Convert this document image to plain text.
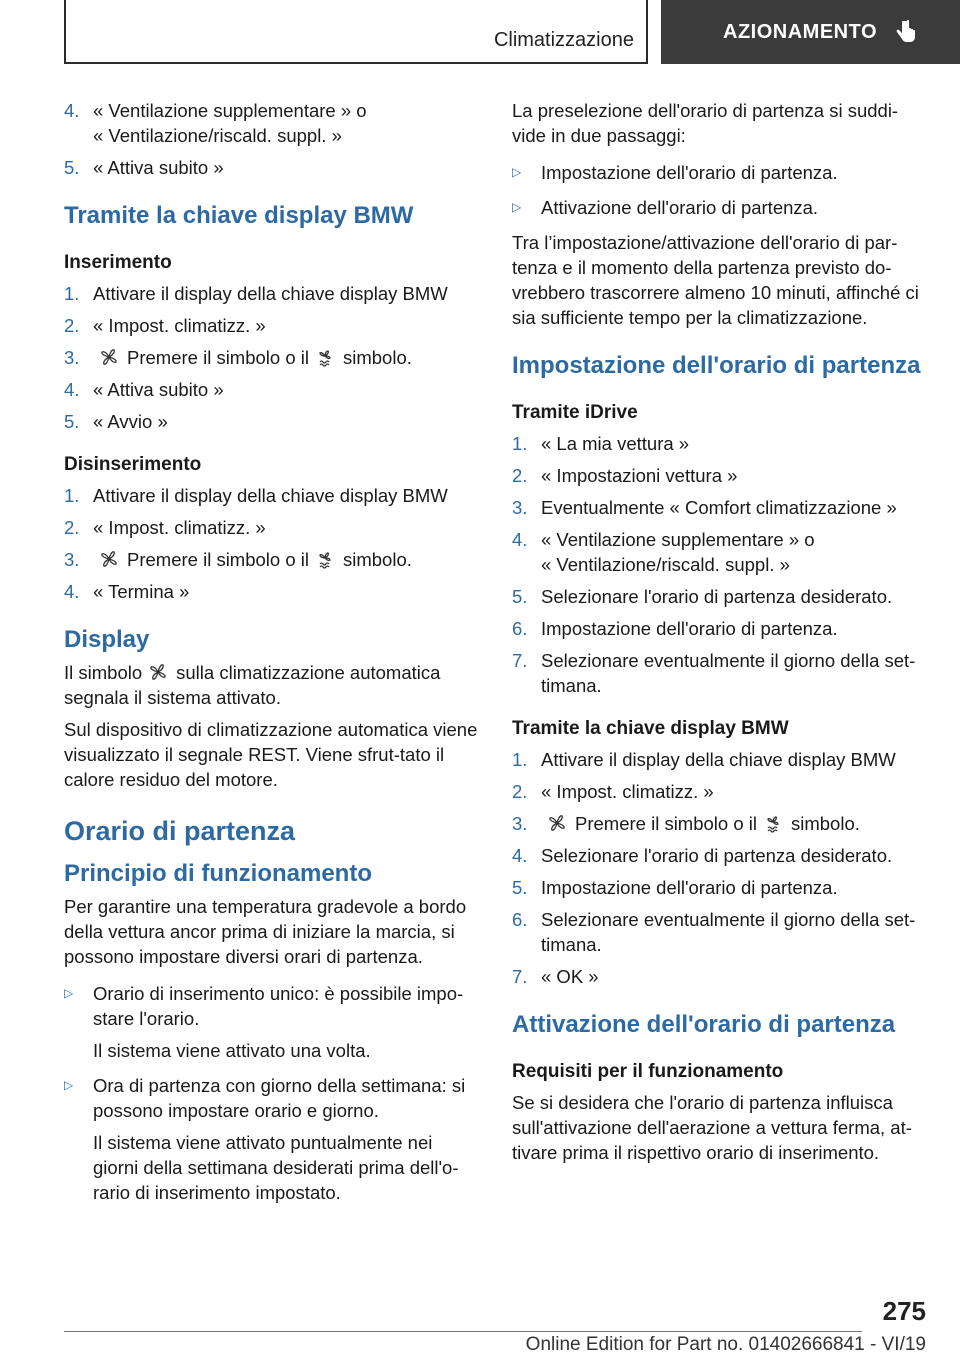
Climatizzazione	AZIONAMENTO
4. « Ventilazione supplementare » o
« Ventilazione/riscald. suppl. »
5. « Attiva subito »
Tramite la chiave display BMW
Inserimento
1. Attivare il display della chiave display BMW
2. « Impost. climatizz. »
3.	Premere il simbolo o il simbolo.
4. « Attiva subito »
5. « Avvio »
Disinserimento
1. Attivare il display della chiave display BMW
2. « Impost. climatizz. »
3.	Premere il simbolo o il simbolo.
4. « Termina »
Display

Il simbolo sulla climatizzazione automatica segnala il sistema attivato.

Sul dispositivo di climatizzazione automatica viene visualizzato il segnale REST. Viene sfrut-tato il calore residuo del motore.

Orario di partenza
Principio di funzionamento

Per garantire una temperatura gradevole a bordo della vettura ancor prima di iniziare la marcia, si possono impostare diversi orari di partenza.

▷	Orario di inserimento unico: è possibile impo-stare l'orario.
Il sistema viene attivato una volta.
▷	Ora di partenza con giorno della settimana: si possono impostare orario e giorno.
Il sistema viene attivato puntualmente nei giorni della settimana desiderati prima dell'o-rario di inserimento impostato.

La preselezione dell'orario di partenza si suddi-vide in due passaggi:

▷	Impostazione dell'orario di partenza.
▷	Attivazione dell'orario di partenza.

Tra l’impostazione/attivazione dell'orario di par-tenza e il momento della partenza previsto do-vrebbero trascorrere almeno 10 minuti, affinché ci sia sufficiente tempo per la climatizzazione.

Impostazione dell'orario di partenza
Tramite iDrive
1. « La mia vettura »
2. « Impostazioni vettura »
3. Eventualmente « Comfort climatizzazione »
4. « Ventilazione supplementare » o
« Ventilazione/riscald. suppl. »
5. Selezionare l'orario di partenza desiderato.
6. Impostazione dell'orario di partenza.
7. Selezionare eventualmente il giorno della set-timana.
Tramite la chiave display BMW
1. Attivare il display della chiave display BMW
2. « Impost. climatizz. »
3.	Premere il simbolo o il simbolo.
4. Selezionare l'orario di partenza desiderato.
5. Impostazione dell'orario di partenza.
6. Selezionare eventualmente il giorno della set-timana.
7. « OK »
Attivazione dell'orario di partenza
Requisiti per il funzionamento

Se si desidera che l'orario di partenza influisca sull'attivazione dell'aerazione a vettura ferma, at-tivare prima il rispettivo orario di inserimento.

275
Online Edition for Part no. 01402666841 - VI/19
